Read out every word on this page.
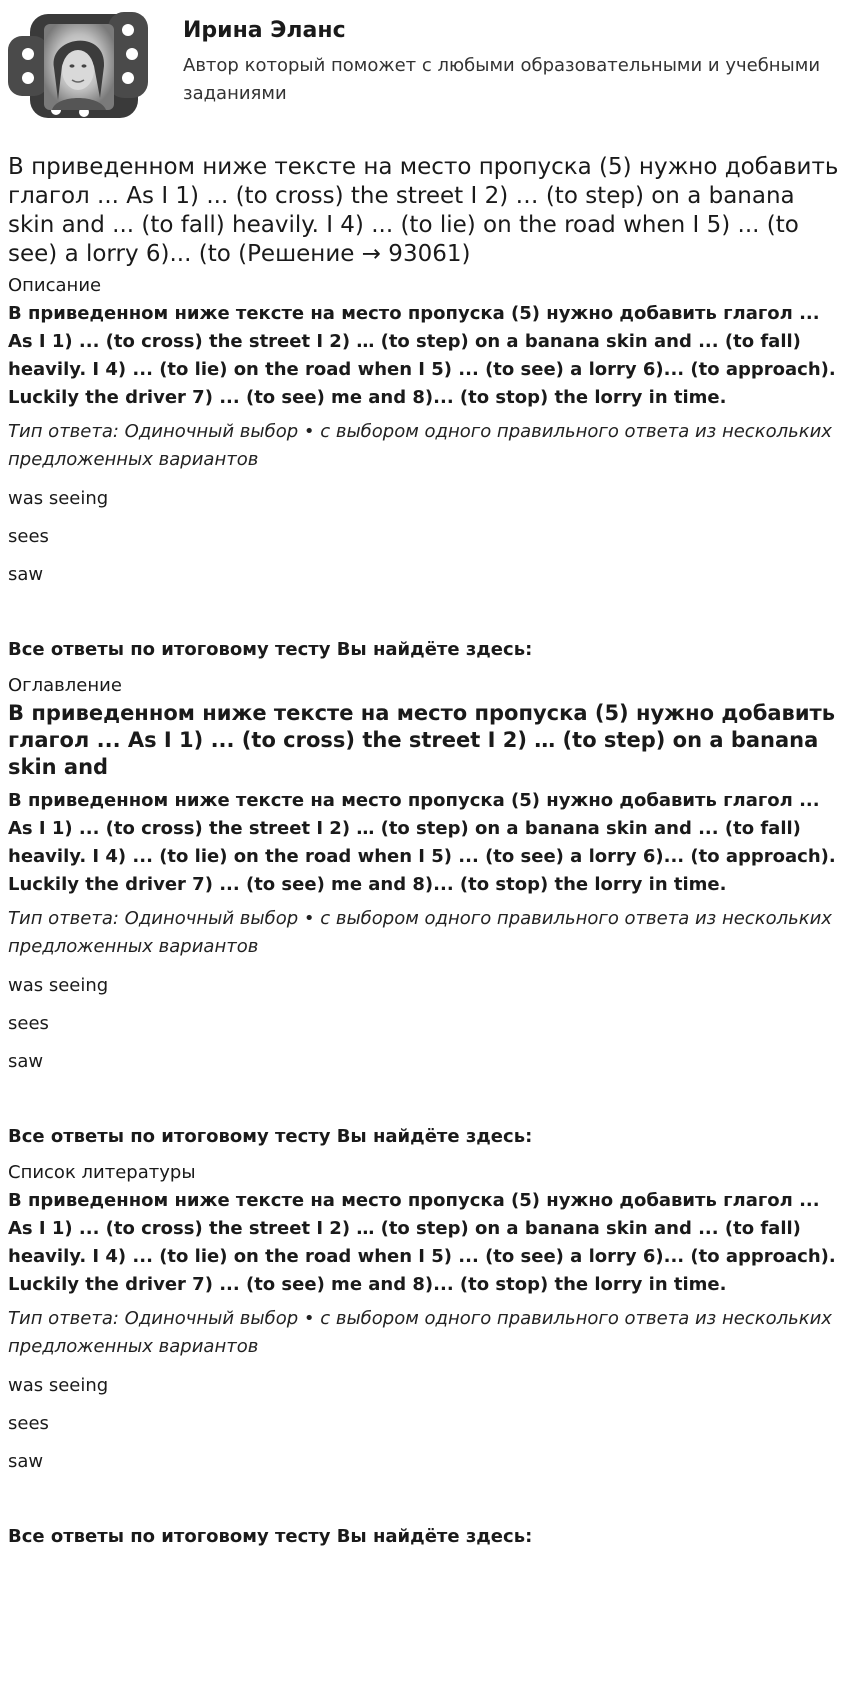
Ирина Эланс

Автор который поможет с любыми образовательными и учебными заданиями

В приведенном ниже тексте на место пропуска (5) нужно добавить глагол ... As I 1) ... (to cross) the street I 2) … (to step) on a banana skin and ... (to fall) heavily. I 4) ... (to lie) on the road when I 5) ... (to see) a lorry 6)... (to (Решение → 93061)

Описание

В приведенном ниже тексте на место пропуска (5) нужно добавить глагол ... As I 1) ... (to cross) the street I 2) … (to step) on a banana skin and ... (to fall) heavily. I 4) ... (to lie) on the road when I 5) ... (to see) a lorry 6)... (to approach). Luckily the driver 7) ... (to see) me and 8)... (to stop) the lorry in time.

Тип ответа: Одиночный выбор • с выбором одного правильного ответа из нескольких предложенных вариантов

was seeing

sees

saw

Все ответы по итоговому тесту Вы найдёте здесь:

Оглавление

В приведенном ниже тексте на место пропуска (5) нужно добавить глагол ... As I 1) ... (to cross) the street I 2) … (to step) on a banana skin and

В приведенном ниже тексте на место пропуска (5) нужно добавить глагол ... As I 1) ... (to cross) the street I 2) … (to step) on a banana skin and ... (to fall) heavily. I 4) ... (to lie) on the road when I 5) ... (to see) a lorry 6)... (to approach). Luckily the driver 7) ... (to see) me and 8)... (to stop) the lorry in time.

Тип ответа: Одиночный выбор • с выбором одного правильного ответа из нескольких предложенных вариантов

was seeing

sees

saw

Все ответы по итоговому тесту Вы найдёте здесь:

Список литературы

В приведенном ниже тексте на место пропуска (5) нужно добавить глагол ... As I 1) ... (to cross) the street I 2) … (to step) on a banana skin and ... (to fall) heavily. I 4) ... (to lie) on the road when I 5) ... (to see) a lorry 6)... (to approach). Luckily the driver 7) ... (to see) me and 8)... (to stop) the lorry in time.

Тип ответа: Одиночный выбор • с выбором одного правильного ответа из нескольких предложенных вариантов

was seeing

sees

saw

Все ответы по итоговому тесту Вы найдёте здесь:
